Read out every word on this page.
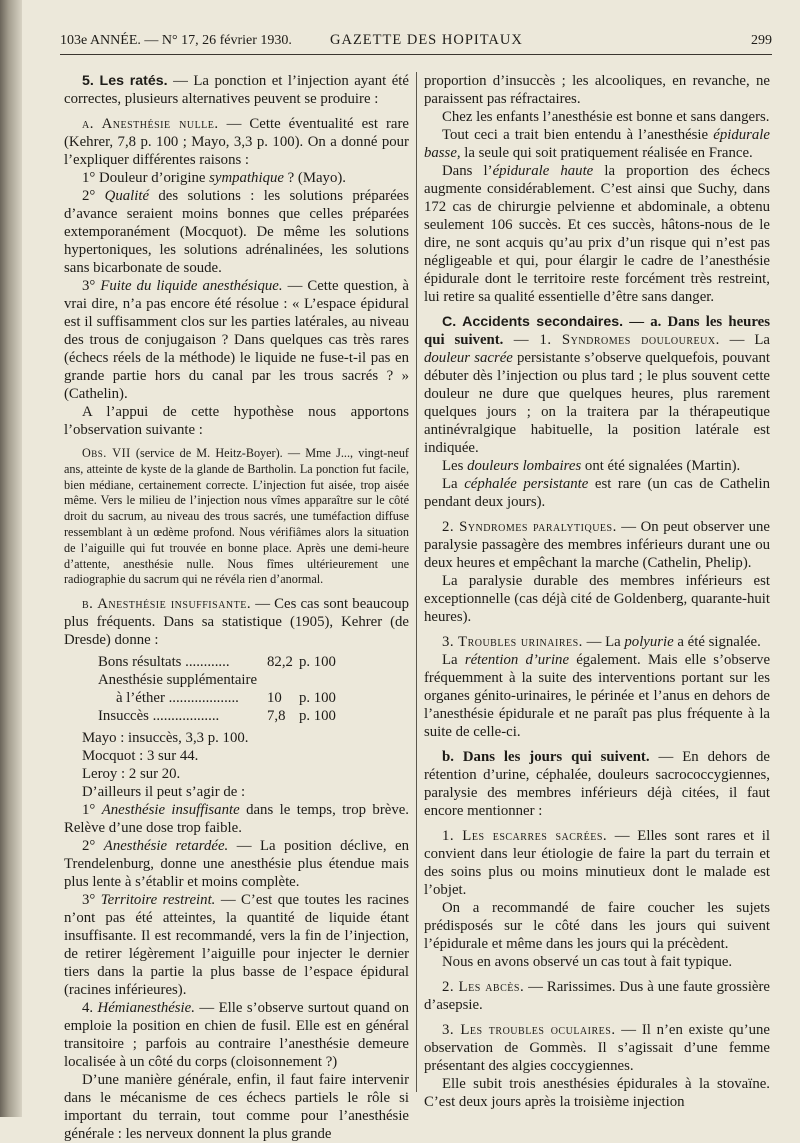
103e ANNÉE. — N° 17, 26 février 1930.	GAZETTE DES HOPITAUX	299

5. Les ratés. — La ponction et l’injection ayant été correctes, plusieurs alternatives peuvent se produire :

a. Anesthésie nulle. — Cette éventualité est rare (Kehrer, 7,8 p. 100 ; Mayo, 3,3 p. 100). On a donné pour l’expliquer différentes raisons :

1° Douleur d’origine sympathique ? (Mayo).

2° Qualité des solutions : les solutions préparées d’avance seraient moins bonnes que celles préparées extemporanément (Mocquot). De même les solutions hypertoniques, les solutions adrénalinées, les solutions sans bicarbonate de soude.

3° Fuite du liquide anesthésique. — Cette question, à vrai dire, n’a pas encore été résolue : « L’espace épidural est il suffisamment clos sur les parties latérales, au niveau des trous de conjugaison ? Dans quelques cas très rares (échecs réels de la méthode) le liquide ne fuse-t-il pas en grande partie hors du canal par les trous sacrés ? » (Cathelin).

A l’appui de cette hypothèse nous apportons l’observation suivante :

Obs. VII (service de M. Heitz-Boyer). — Mme J..., vingt-neuf ans, atteinte de kyste de la glande de Bartholin. La ponction fut facile, bien médiane, certainement correcte. L’injection fut aisée, trop aisée même. Vers le milieu de l’injection nous vîmes apparaître sur le côté droit du sacrum, au niveau des trous sacrés, une tuméfaction diffuse ressemblant à un œdème profond. Nous vérifiâmes alors la situation de l’aiguille qui fut trouvée en bonne place. Après une demi-heure d’attente, anesthésie nulle. Nous fîmes ultérieurement une radiographie du sacrum qui ne révéla rien d’anormal.

b. Anesthésie insuffisante. — Ces cas sont beaucoup plus fréquents. Dans sa statistique (1905), Kehrer (de Dresde) donne :

Bons résultats ............	82,2	p. 100
Anesthésie supplémentaire		
à l’éther ...................	10	p. 100
Insuccès ..................	7,8	p. 100

Mayo : insuccès, 3,3 p. 100.

Mocquot : 3 sur 44.

Leroy : 2 sur 20.

D’ailleurs il peut s’agir de :

1° Anesthésie insuffisante dans le temps, trop brève. Relève d’une dose trop faible.

2° Anesthésie retardée. — La position déclive, en Trendelenburg, donne une anesthésie plus étendue mais plus lente à s’établir et moins complète.

3° Territoire restreint. — C’est que toutes les racines n’ont pas été atteintes, la quantité de liquide étant insuffisante. Il est recommandé, vers la fin de l’injection, de retirer légèrement l’aiguille pour injecter le dernier tiers dans la partie la plus basse de l’espace épidural (racines inférieures).

4. Hémianesthésie. — Elle s’observe surtout quand on emploie la position en chien de fusil. Elle est en général transitoire ; parfois au contraire l’anesthésie demeure localisée à un côté du corps (cloisonnement ?)

D’une manière générale, enfin, il faut faire intervenir dans le mécanisme de ces échecs partiels le rôle si important du terrain, tout comme pour l’anesthésie générale : les nerveux donnent la plus grande

proportion d’insuccès ; les alcooliques, en revanche, ne paraissent pas réfractaires.

Chez les enfants l’anesthésie est bonne et sans dangers.

Tout ceci a trait bien entendu à l’anesthésie épidurale basse, la seule qui soit pratiquement réalisée en France.

Dans l’épidurale haute la proportion des échecs augmente considérablement. C’est ainsi que Suchy, dans 172 cas de chirurgie pelvienne et abdominale, a obtenu seulement 106 succès. Et ces succès, hâtons-nous de le dire, ne sont acquis qu’au prix d’un risque qui n’est pas négligeable et qui, pour élargir le cadre de l’anesthésie épidurale dont le territoire reste forcément très restreint, lui retire sa qualité essentielle d’être sans danger.

C. Accidents secondaires. — a. Dans les heures qui suivent. — 1. Syndromes douloureux. — La douleur sacrée persistante s’observe quelquefois, pouvant débuter dès l’injection ou plus tard ; le plus souvent cette douleur ne dure que quelques heures, plus rarement quelques jours ; on la traitera par la thérapeutique antinévralgique habituelle, la position latérale est indiquée.

Les douleurs lombaires ont été signalées (Martin).

La céphalée persistante est rare (un cas de Cathelin pendant deux jours).

2. Syndromes paralytiques. — On peut observer une paralysie passagère des membres inférieurs durant une ou deux heures et empêchant la marche (Cathelin, Phelip).

La paralysie durable des membres inférieurs est exceptionnelle (cas déjà cité de Goldenberg, quarante-huit heures).

3. Troubles urinaires. — La polyurie a été signalée.

La rétention d’urine également. Mais elle s’observe fréquemment à la suite des interventions portant sur les organes génito-urinaires, le périnée et l’anus en dehors de l’anesthésie épidurale et ne paraît pas plus fréquente à la suite de celle-ci.

b. Dans les jours qui suivent. — En dehors de rétention d’urine, céphalée, douleurs sacrococcygiennes, paralysie des membres inférieurs déjà citées, il faut encore mentionner :

1. Les escarres sacrées. — Elles sont rares et il convient dans leur étiologie de faire la part du terrain et des soins plus ou moins minutieux dont le malade est l’objet.

On a recommandé de faire coucher les sujets prédisposés sur le côté dans les jours qui suivent l’épidurale et même dans les jours qui la précèdent.

Nous en avons observé un cas tout à fait typique.

2. Les abcès. — Rarissimes. Dus à une faute grossière d’asepsie.

3. Les troubles oculaires. — Il n’en existe qu’une observation de Gommès. Il s’agissait d’une femme présentant des algies coccygiennes.

Elle subit trois anesthésies épidurales à la stovaïne. C’est deux jours après la troisième injection
